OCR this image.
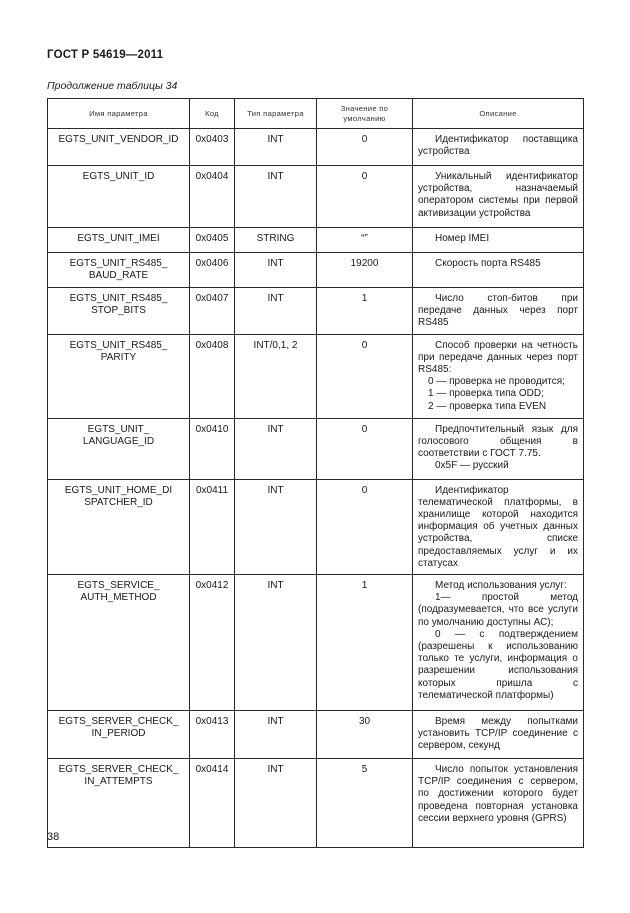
ГОСТ Р 54619—2011
Продолжение таблицы 34
Имя параметра	Код	Тип параметра	Значение по умолчанию	Описание
EGTS_UNIT_VENDOR_ID	0x0403	INT	0	Идентификатор поставщика устройства

EGTS_UNIT_ID	0x0404	INT	0	Уникальный идентификатор устройства, назначаемый оператором системы при первой активизации устройства

EGTS_UNIT_IMEI	0x0405	STRING	“”	Номер IMEI

EGTS_UNIT_RS485_ BAUD_RATE	0x0406	INT	19200	Скорость порта RS485

EGTS_UNIT_RS485_ STOP_BITS	0x0407	INT	1	Число стоп-битов при передаче данных через порт RS485

EGTS_UNIT_RS485_ PARITY	0x0408	INT/0,1, 2	0	Способ проверки на четность при передаче данных через порт RS485:
0 — проверка не проводится;
1 — проверка типа ODD;
2 — проверка типа EVEN

EGTS_UNIT_ LANGUAGE_ID	0x0410	INT	0	Предпочтительный язык для голосового общения в соответствии с ГОСТ 7.75.
0x5F — русский

EGTS_UNIT_HOME_DI SPATCHER_ID	0x0411	INT	0	Идентификатор телематической платформы, в хранилище которой находится информация об учетных данных устройства, списке предоставляемых услуг и их статусах

EGTS_SERVICE_ AUTH_METHOD	0x0412	INT	1	Метод использования услуг:
1— простой метод (подразумевается, что все услуги по умолчанию доступны АС);
0 — с подтверждением (разрешены к использованию только те услуги, информация о разрешении использования которых пришла с телематической платформы)

EGTS_SERVER_CHECK_ IN_PERIOD	0x0413	INT	30	Время между попытками установить TCP/IP соединение с сервером, секунд

EGTS_SERVER_CHECK_ IN_ATTEMPTS	0x0414	INT	5	Число попыток установления TCP/IP соединения с сервером, по достижении которого будет проведена повторная установка сессии верхнего уровня (GPRS)
38
